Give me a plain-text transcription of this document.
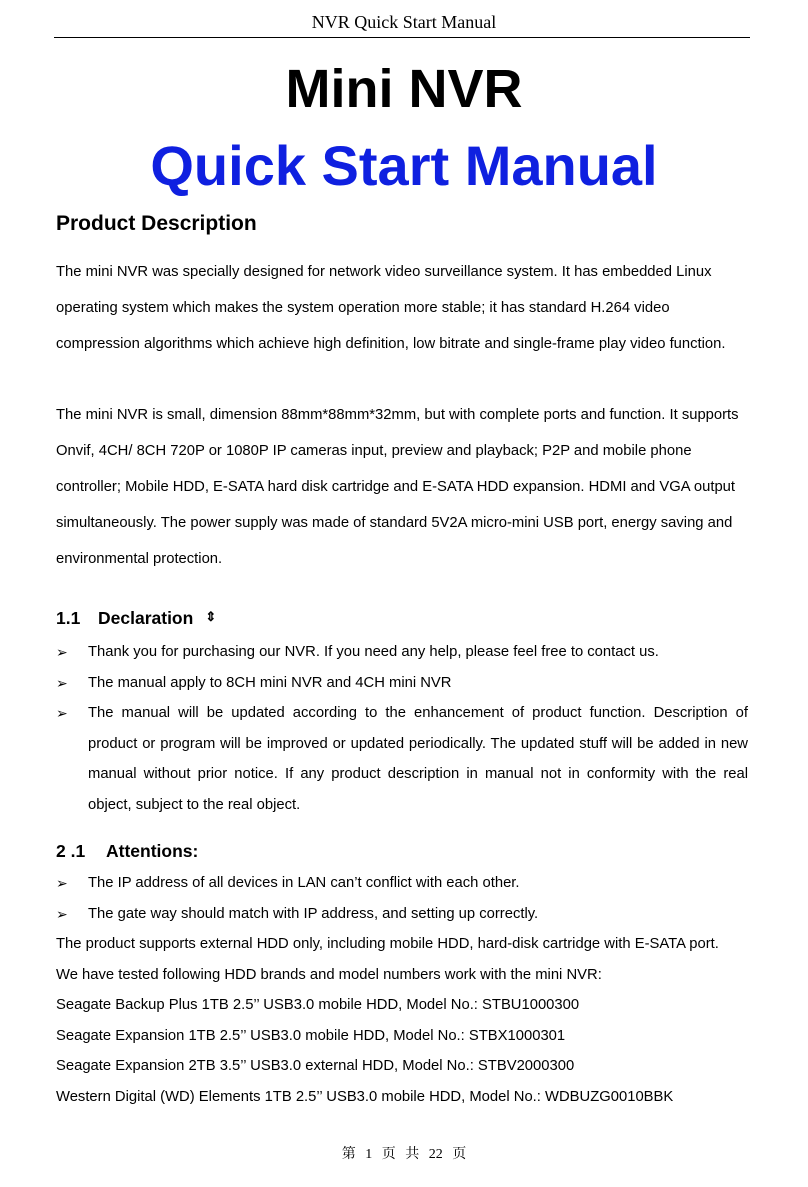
NVR Quick Start Manual
Mini NVR
Quick Start Manual
Product Description
The mini NVR was specially designed for network video surveillance system. It has embedded Linux operating system which makes the system operation more stable; it has standard H.264 video compression algorithms which achieve high definition, low bitrate and single-frame play video function.
The mini NVR is small, dimension 88mm*88mm*32mm, but with complete ports and function. It supports Onvif, 4CH/ 8CH 720P or 1080P IP cameras input, preview and playback; P2P and mobile phone controller; Mobile HDD, E-SATA hard disk cartridge and E-SATA HDD expansion. HDMI and VGA output simultaneously. The power supply was made of standard 5V2A micro-mini USB port, energy saving and environmental protection.
1.1 Declaration ⇕
➢ Thank you for purchasing our NVR. If you need any help, please feel free to contact us.
➢ The manual apply to 8CH mini NVR and 4CH mini NVR
➢ The manual will be updated according to the enhancement of product function. Description of product or program will be improved or updated periodically. The updated stuff will be added in new manual without prior notice. If any product description in manual not in conformity with the real object, subject to the real object.
2 .1 Attentions:
➢ The IP address of all devices in LAN can’t conflict with each other.
➢ The gate way should match with IP address, and setting up correctly.
The product supports external HDD only, including mobile HDD, hard-disk cartridge with E-SATA port.
We have tested following HDD brands and model numbers work with the mini NVR:
Seagate Backup Plus 1TB 2.5’’ USB3.0 mobile HDD, Model No.: STBU1000300
Seagate Expansion 1TB 2.5’’ USB3.0 mobile HDD, Model No.: STBX1000301
Seagate Expansion 2TB 3.5’’ USB3.0 external HDD, Model No.: STBV2000300
Western Digital (WD) Elements 1TB 2.5’’ USB3.0 mobile HDD, Model No.: WDBUZG0010BBK
第 1 页 共 22 页
